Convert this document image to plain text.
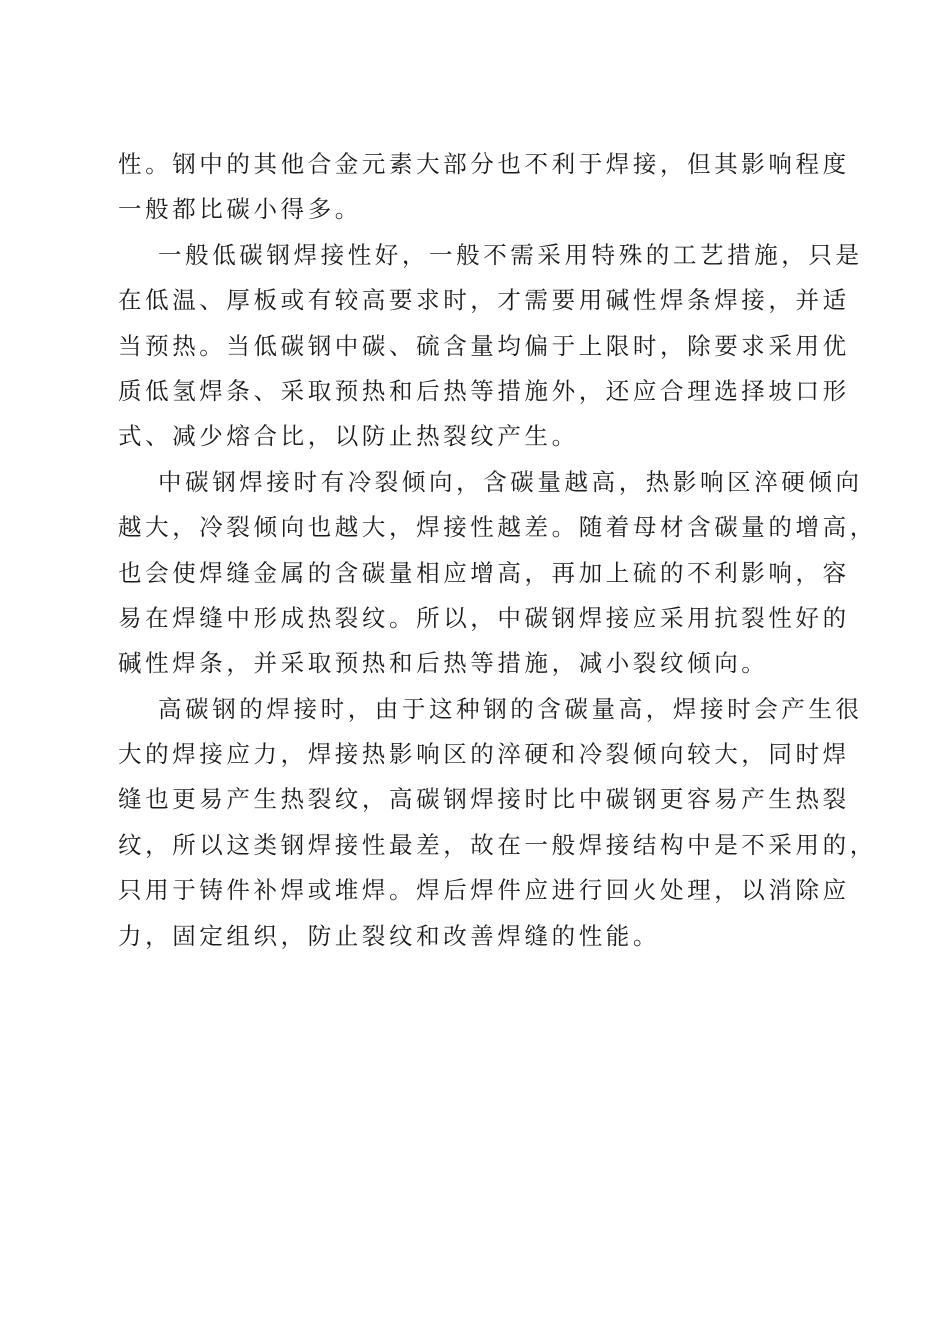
性。钢中的其他合金元素大部分也不利于焊接，但其影响程度
一般都比碳小得多。
一般低碳钢焊接性好，一般不需采用特殊的工艺措施，只是
在低温、厚板或有较高要求时，才需要用碱性焊条焊接，并适
当预热。当低碳钢中碳、硫含量均偏于上限时，除要求采用优
质低氢焊条、采取预热和后热等措施外，还应合理选择坡口形
式、减少熔合比，以防止热裂纹产生。
中碳钢焊接时有冷裂倾向，含碳量越高，热影响区淬硬倾向
越大，冷裂倾向也越大，焊接性越差。随着母材含碳量的增高，
也会使焊缝金属的含碳量相应增高，再加上硫的不利影响，容
易在焊缝中形成热裂纹。所以，中碳钢焊接应采用抗裂性好的
碱性焊条，并采取预热和后热等措施，减小裂纹倾向。
高碳钢的焊接时，由于这种钢的含碳量高，焊接时会产生很
大的焊接应力，焊接热影响区的淬硬和冷裂倾向较大，同时焊
缝也更易产生热裂纹，高碳钢焊接时比中碳钢更容易产生热裂
纹，所以这类钢焊接性最差，故在一般焊接结构中是不采用的，
只用于铸件补焊或堆焊。焊后焊件应进行回火处理，以消除应
力，固定组织，防止裂纹和改善焊缝的性能。
